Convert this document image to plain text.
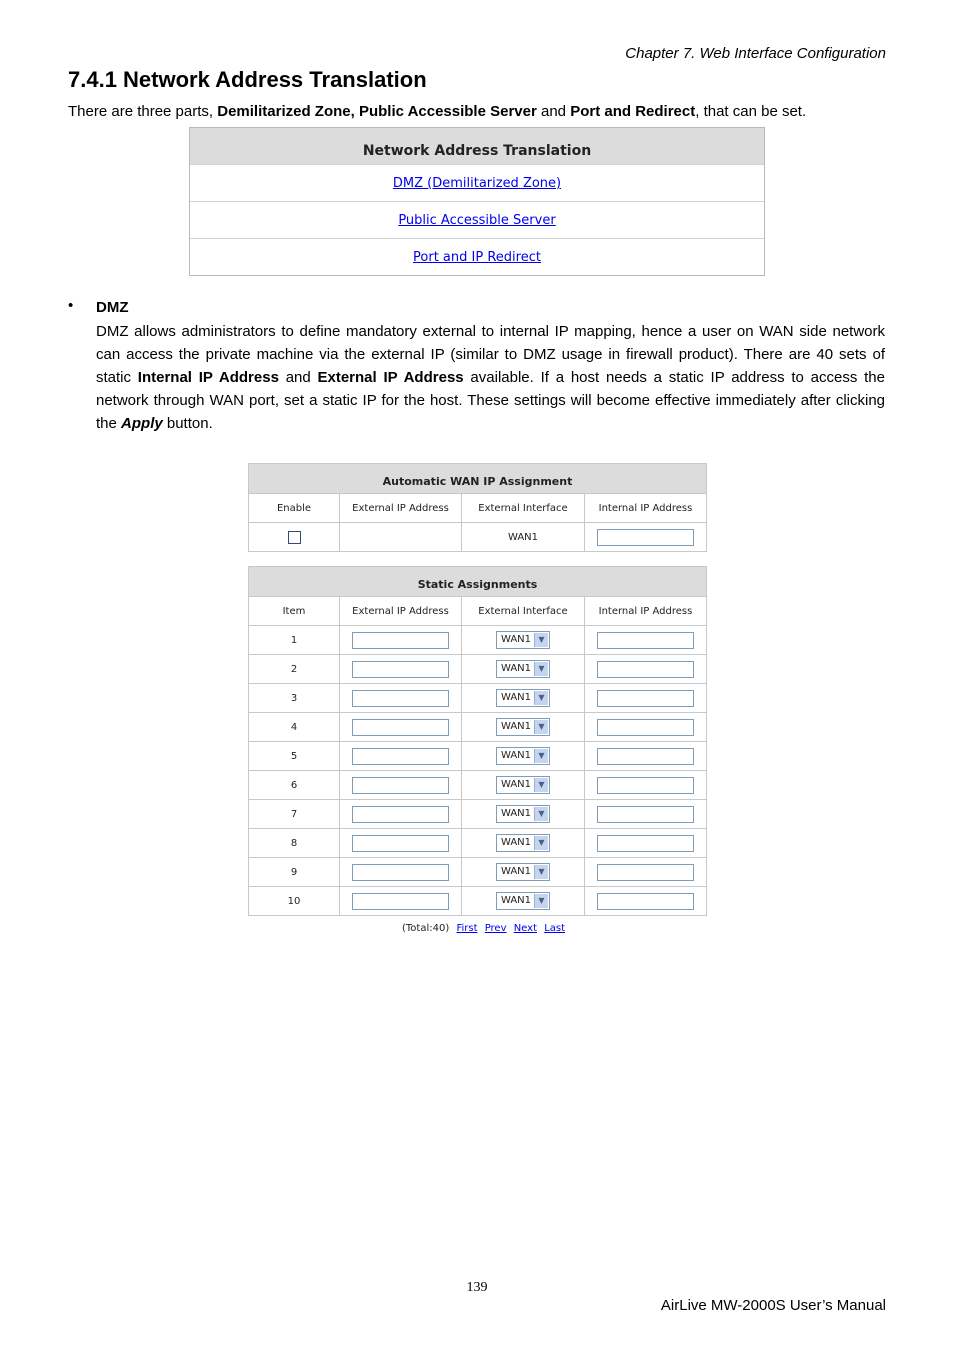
Chapter 7. Web Interface Configuration
7.4.1 Network Address Translation
There are three parts, Demilitarized Zone, Public Accessible Server and Port and Redirect, that can be set.
Network Address Translation
DMZ (Demilitarized Zone)
Public Accessible Server
Port and IP Redirect
• DMZ
DMZ allows administrators to define mandatory external to internal IP mapping, hence a user on WAN side network can access the private machine via the external IP (similar to DMZ usage in firewall product). There are 40 sets of static Internal IP Address and External IP Address available. If a host needs a static IP address to access the network through WAN port, set a static IP for the host. These settings will become effective immediately after clicking the Apply button.
Automatic WAN IP Assignment			
Enable	External IP Address	External Interface	Internal IP Address
		WAN1	
Static Assignments			
Item	External IP Address	External Interface	Internal IP Address
1		WAN1 ▼	

2		WAN1 ▼	

3		WAN1 ▼	

4		WAN1 ▼	

5		WAN1 ▼	

6		WAN1 ▼	

7		WAN1 ▼	

8		WAN1 ▼	

9		WAN1 ▼	

10		WAN1 ▼	

(Total:40) First Prev Next Last
139
AirLive MW-2000S User’s Manual
